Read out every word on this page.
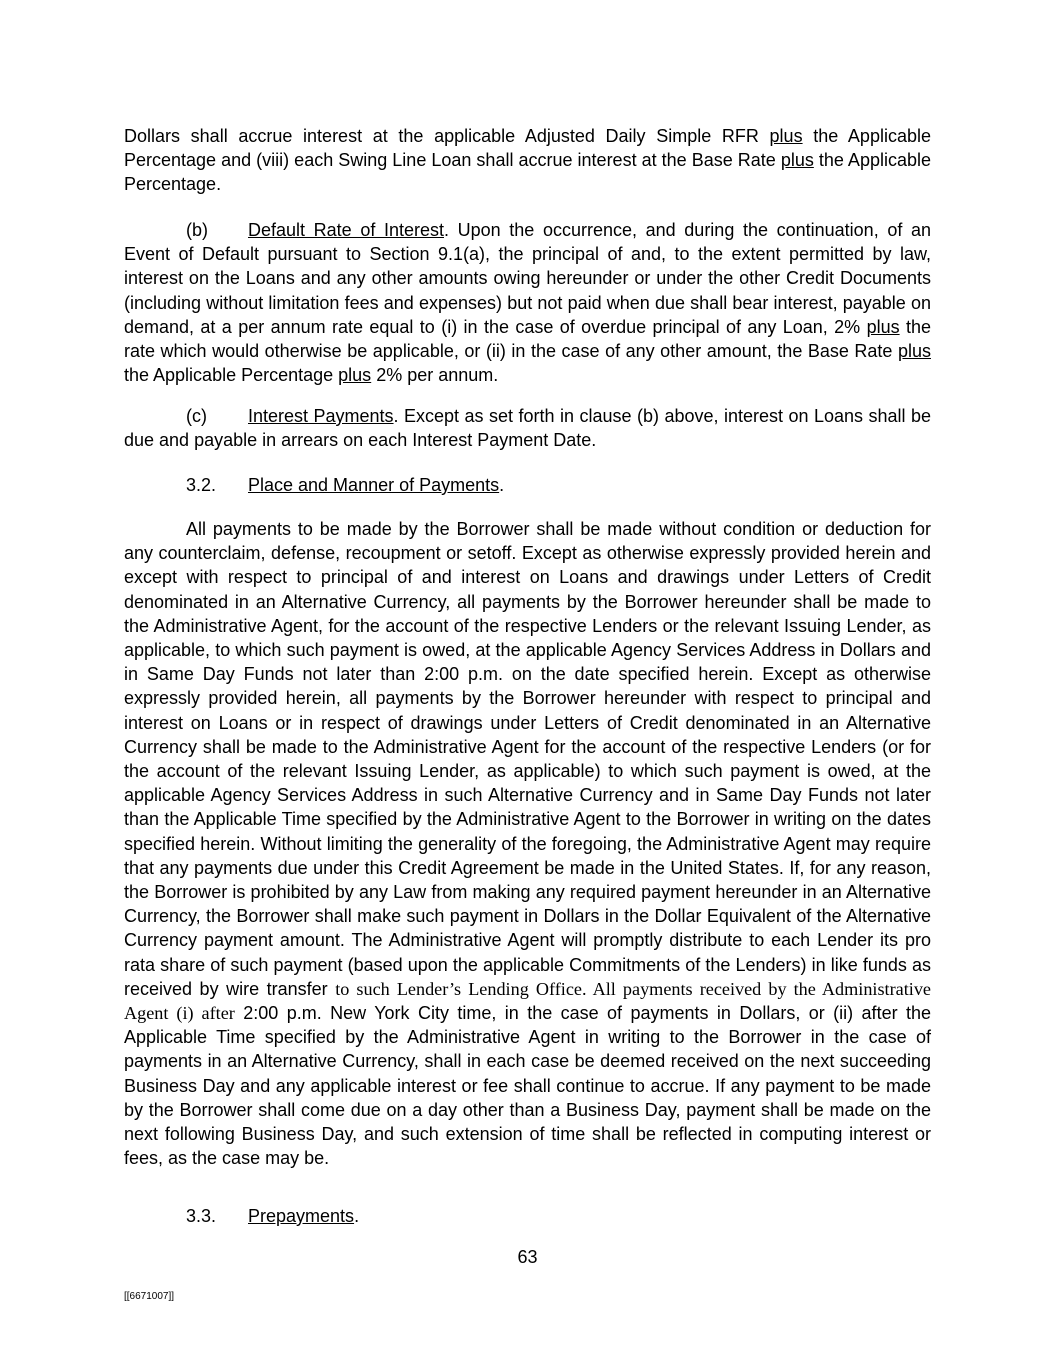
Dollars shall accrue interest at the applicable Adjusted Daily Simple RFR plus the Applicable Percentage and (viii) each Swing Line Loan shall accrue interest at the Base Rate plus the Applicable Percentage.
(b) Default Rate of Interest. Upon the occurrence, and during the continuation, of an Event of Default pursuant to Section 9.1(a), the principal of and, to the extent permitted by law, interest on the Loans and any other amounts owing hereunder or under the other Credit Documents (including without limitation fees and expenses) but not paid when due shall bear interest, payable on demand, at a per annum rate equal to (i) in the case of overdue principal of any Loan, 2% plus the rate which would otherwise be applicable, or (ii) in the case of any other amount, the Base Rate plus the Applicable Percentage plus 2% per annum.
(c) Interest Payments. Except as set forth in clause (b) above, interest on Loans shall be due and payable in arrears on each Interest Payment Date.
3.2. Place and Manner of Payments.
All payments to be made by the Borrower shall be made without condition or deduction for any counterclaim, defense, recoupment or setoff. Except as otherwise expressly provided herein and except with respect to principal of and interest on Loans and drawings under Letters of Credit denominated in an Alternative Currency, all payments by the Borrower hereunder shall be made to the Administrative Agent, for the account of the respective Lenders or the relevant Issuing Lender, as applicable, to which such payment is owed, at the applicable Agency Services Address in Dollars and in Same Day Funds not later than 2:00 p.m. on the date specified herein. Except as otherwise expressly provided herein, all payments by the Borrower hereunder with respect to principal and interest on Loans or in respect of drawings under Letters of Credit denominated in an Alternative Currency shall be made to the Administrative Agent for the account of the respective Lenders (or for the account of the relevant Issuing Lender, as applicable) to which such payment is owed, at the applicable Agency Services Address in such Alternative Currency and in Same Day Funds not later than the Applicable Time specified by the Administrative Agent to the Borrower in writing on the dates specified herein. Without limiting the generality of the foregoing, the Administrative Agent may require that any payments due under this Credit Agreement be made in the United States. If, for any reason, the Borrower is prohibited by any Law from making any required payment hereunder in an Alternative Currency, the Borrower shall make such payment in Dollars in the Dollar Equivalent of the Alternative Currency payment amount. The Administrative Agent will promptly distribute to each Lender its pro rata share of such payment (based upon the applicable Commitments of the Lenders) in like funds as received by wire transfer to such Lender’s Lending Office. All payments received by the Administrative Agent (i) after 2:00 p.m. New York City time, in the case of payments in Dollars, or (ii) after the Applicable Time specified by the Administrative Agent in writing to the Borrower in the case of payments in an Alternative Currency, shall in each case be deemed received on the next succeeding Business Day and any applicable interest or fee shall continue to accrue. If any payment to be made by the Borrower shall come due on a day other than a Business Day, payment shall be made on the next following Business Day, and such extension of time shall be reflected in computing interest or fees, as the case may be.
3.3. Prepayments.
63
[[6671007]]
